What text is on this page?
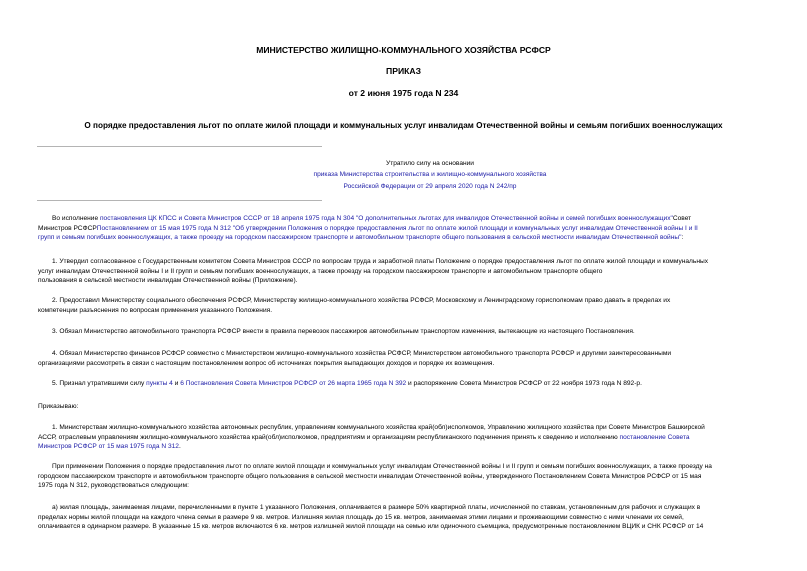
МИНИСТЕРСТВО ЖИЛИЩНО-КОММУНАЛЬНОГО ХОЗЯЙСТВА РСФСР
ПРИКАЗ
от 2 июня 1975 года N 234
О порядке предоставления льгот по оплате жилой площади и коммунальных услуг инвалидам Отечественной войны и семьям погибших военнослужащих
Утратило силу на основании
приказа Министерства строительства и жилищно-коммунального хозяйства
Российской Федерации от 29 апреля 2020 года N 242/пр
Во исполнение постановления ЦК КПСС и Совета Министров СССР от 18 апреля 1975 года N 304 "О дополнительных льготах для инвалидов Отечественной войны и семей погибших военнослужащих"Совет
Министров РСФСРПостановлением от 15 мая 1975 года N 312 "Об утверждении Положения о порядке предоставления льгот по оплате жилой площади и коммунальных услуг инвалидам Отечественной войны I и II
групп и семьям погибших военнослужащих, а также проезду на городском пассажирском транспорте и автомобильном транспорте общего пользования в сельской местности инвалидам Отечественной войны":
1. Утвердил согласованное с Государственным комитетом Совета Министров СССР по вопросам труда и заработной платы Положение о порядке предоставления льгот по оплате жилой площади и коммунальных
услуг инвалидам Отечественной войны I и II групп и семьям погибших военнослужащих, а также проезду на городском пассажирском транспорте и автомобильном транспорте общего
пользования в сельской местности инвалидам Отечественной войны (Приложение).
2. Предоставил Министерству социального обеспечения РСФСР, Министерству жилищно-коммунального хозяйства РСФСР, Московскому и Ленинградскому горисполкомам право давать в пределах их
компетенции разъяснения по вопросам применения указанного Положения.
3. Обязал Министерство автомобильного транспорта РСФСР внести в правила перевозок пассажиров автомобильным транспортом изменения, вытекающие из настоящего Постановления.
4. Обязал Министерство финансов РСФСР совместно с Министерством жилищно-коммунального хозяйства РСФСР, Министерством автомобильного транспорта РСФСР и другими заинтересованными
организациями рассмотреть в связи с настоящим постановлением вопрос об источниках покрытия выпадающих доходов и порядке их возмещения.
5. Признал утратившими силу пункты 4 и 6 Постановления Совета Министров РСФСР от 26 марта 1965 года N 392 и распоряжение Совета Министров РСФСР от 22 ноября 1973 года N 892-р.
Приказываю:
1. Министерствам жилищно-коммунального хозяйства автономных республик, управлениям коммунального хозяйства край(обл)исполкомов, Управлению жилищного хозяйства при Совете Министров Башкирской
АССР, отраслевым управлениям жилищно-коммунального хозяйства край(обл)исполкомов, предприятиям и организациям республиканского подчинения принять к сведению и исполнению постановление Совета
Министров РСФСР от 15 мая 1975 года N 312.
При применении Положения о порядке предоставления льгот по оплате жилой площади и коммунальных услуг инвалидам Отечественной войны I и II групп и семьям погибших военнослужащих, а также проезду на
городском пассажирском транспорте и автомобильном транспорте общего пользования в сельской местности инвалидам Отечественной войны, утвержденного Постановлением Совета Министров РСФСР от 15 мая
1975 года N 312, руководствоваться следующим:
а) жилая площадь, занимаемая лицами, перечисленными в пункте 1 указанного Положения, оплачивается в размере 50% квартирной платы, исчисленной по ставкам, установленным для рабочих и служащих в
пределах нормы жилой площади на каждого члена семьи в размере 9 кв. метров. Излишняя жилая площадь до 15 кв. метров, занимаемая этими лицами и проживающими совместно с ними членами их семей,
оплачивается в одинарном размере. В указанные 15 кв. метров включаются 6 кв. метров излишней жилой площади на семью или одиночного съемщика, предусмотренные постановлением ВЦИК и СНК РСФСР от 14
